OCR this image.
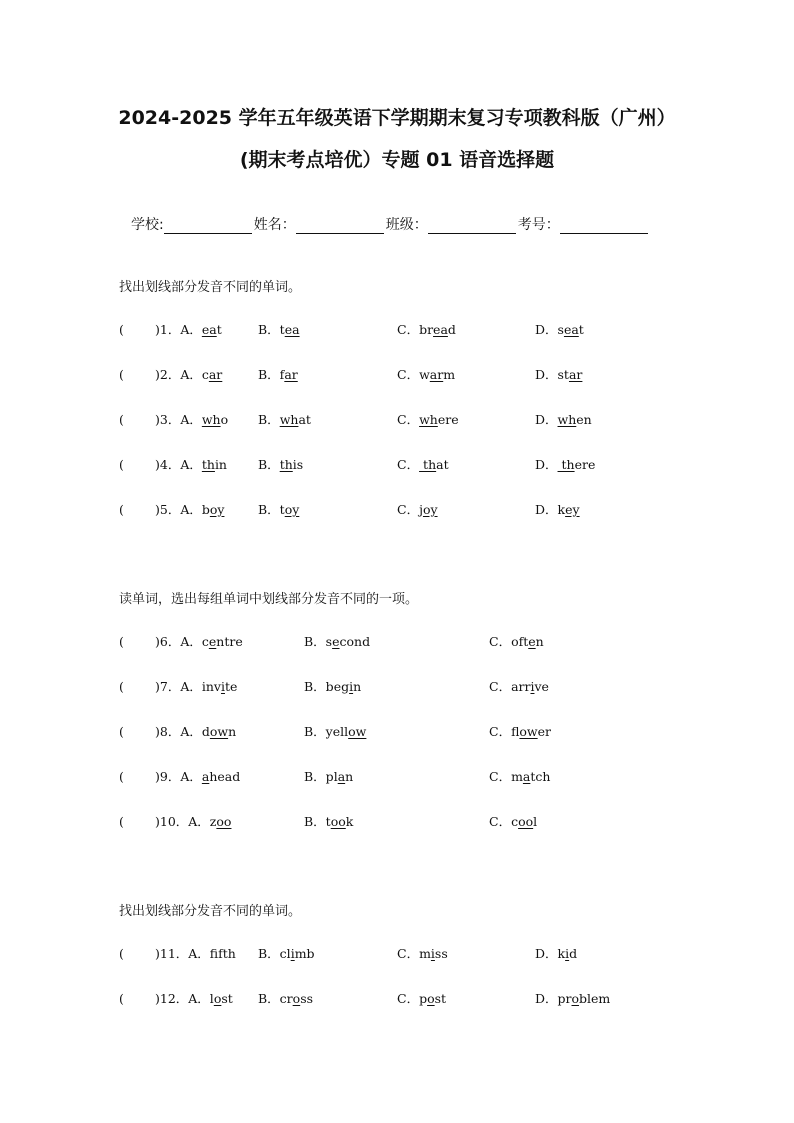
2024-2025 学年五年级英语下学期期末复习专项教科版（广州）
(期末考点培优）专题 01 语音选择题
学校:	姓名：	班级：	考号：
找出划线部分发音不同的单词。
(　　 )1．A．eat	B．tea	C．bread	D．seat
(　　 )2．A．car	B．far	C．warm	D．star
(　　 )3．A．who B．what	C．where	D．when
(　　 )4．A．thin B．this	C． that	D． there
(　　 )5．A．boy	B．toy	C．joy	D．key
读单词，选出每组单词中划线部分发音不同的一项。
(　　 )6．A．centre	B．second	C．often
(　　 )7．A．invite	B．begin	C．arrive
(　　 )8．A．down	B．yellow	C．flower
(　　 )9．A．ahead	B．plan	C．match
(　　 )10．A．zoo	B．took	C．cool
找出划线部分发音不同的单词。
(　　 )11．A．ffth B．climb	C．miss	D．kid
(　　 )12．A．lost B．cross	C．post	D．problem
